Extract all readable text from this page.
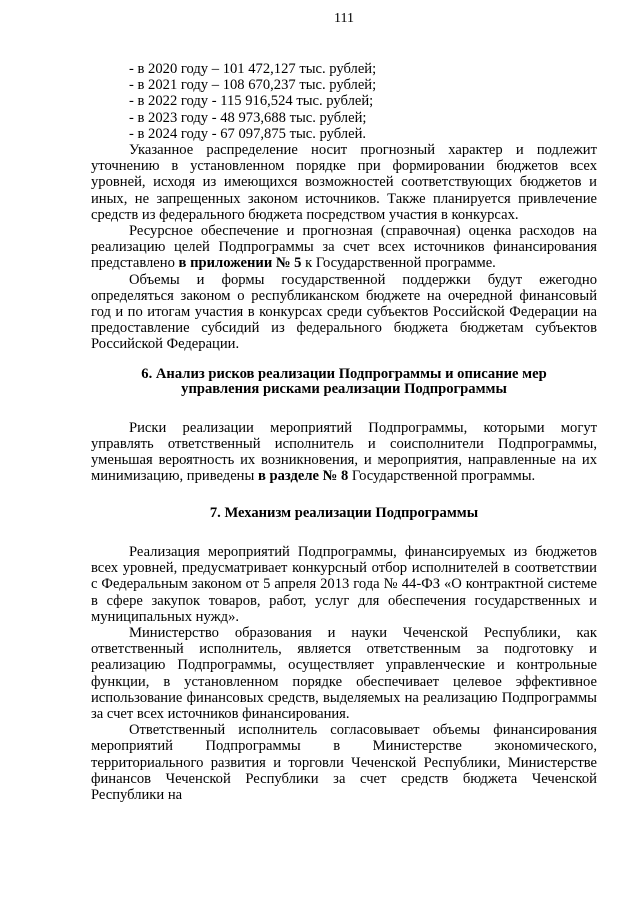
111
- в 2020 году – 101 472,127 тыс. рублей;
- в 2021 году – 108 670,237 тыс. рублей;
- в 2022 году - 115 916,524 тыс. рублей;
- в 2023 году - 48 973,688 тыс. рублей;
- в 2024 году - 67 097,875 тыс. рублей.

Указанное распределение носит прогнозный характер и подлежит уточнению в установленном порядке при формировании бюджетов всех уровней, исходя из имеющихся возможностей соответствующих бюджетов и иных, не запрещенных законом источников. Также планируется привлечение средств из федерального бюджета посредством участия в конкурсах.

Ресурсное обеспечение и прогнозная (справочная) оценка расходов на реализацию целей Подпрограммы за счет всех источников финансирования представлено в приложении № 5 к Государственной программе.

Объемы и формы государственной поддержки будут ежегодно определяться законом о республиканском бюджете на очередной финансовый год и по итогам участия в конкурсах среди субъектов Российской Федерации на предоставление субсидий из федерального бюджета бюджетам субъектов Российской Федерации.

6. Анализ рисков реализации Подпрограммы и описание мер
управления рисками реализации Подпрограммы

Риски реализации мероприятий Подпрограммы, которыми могут управлять ответственный исполнитель и соисполнители Подпрограммы, уменьшая вероятность их возникновения, и мероприятия, направленные на их минимизацию, приведены в разделе № 8 Государственной программы.

7. Механизм реализации Подпрограммы

Реализация мероприятий Подпрограммы, финансируемых из бюджетов всех уровней, предусматривает конкурсный отбор исполнителей в соответствии с Федеральным законом от 5 апреля 2013 года № 44-ФЗ «О контрактной системе в сфере закупок товаров, работ, услуг для обеспечения государственных и муниципальных нужд».

Министерство образования и науки Чеченской Республики, как ответственный исполнитель, является ответственным за подготовку и реализацию Подпрограммы, осуществляет управленческие и контрольные функции, в установленном порядке обеспечивает целевое эффективное использование финансовых средств, выделяемых на реализацию Подпрограммы за счет всех источников финансирования.

Ответственный исполнитель согласовывает объемы финансирования мероприятий Подпрограммы в Министерстве экономического, территориального развития и торговли Чеченской Республики, Министерстве финансов Чеченской Республики за счет средств бюджета Чеченской Республики на
